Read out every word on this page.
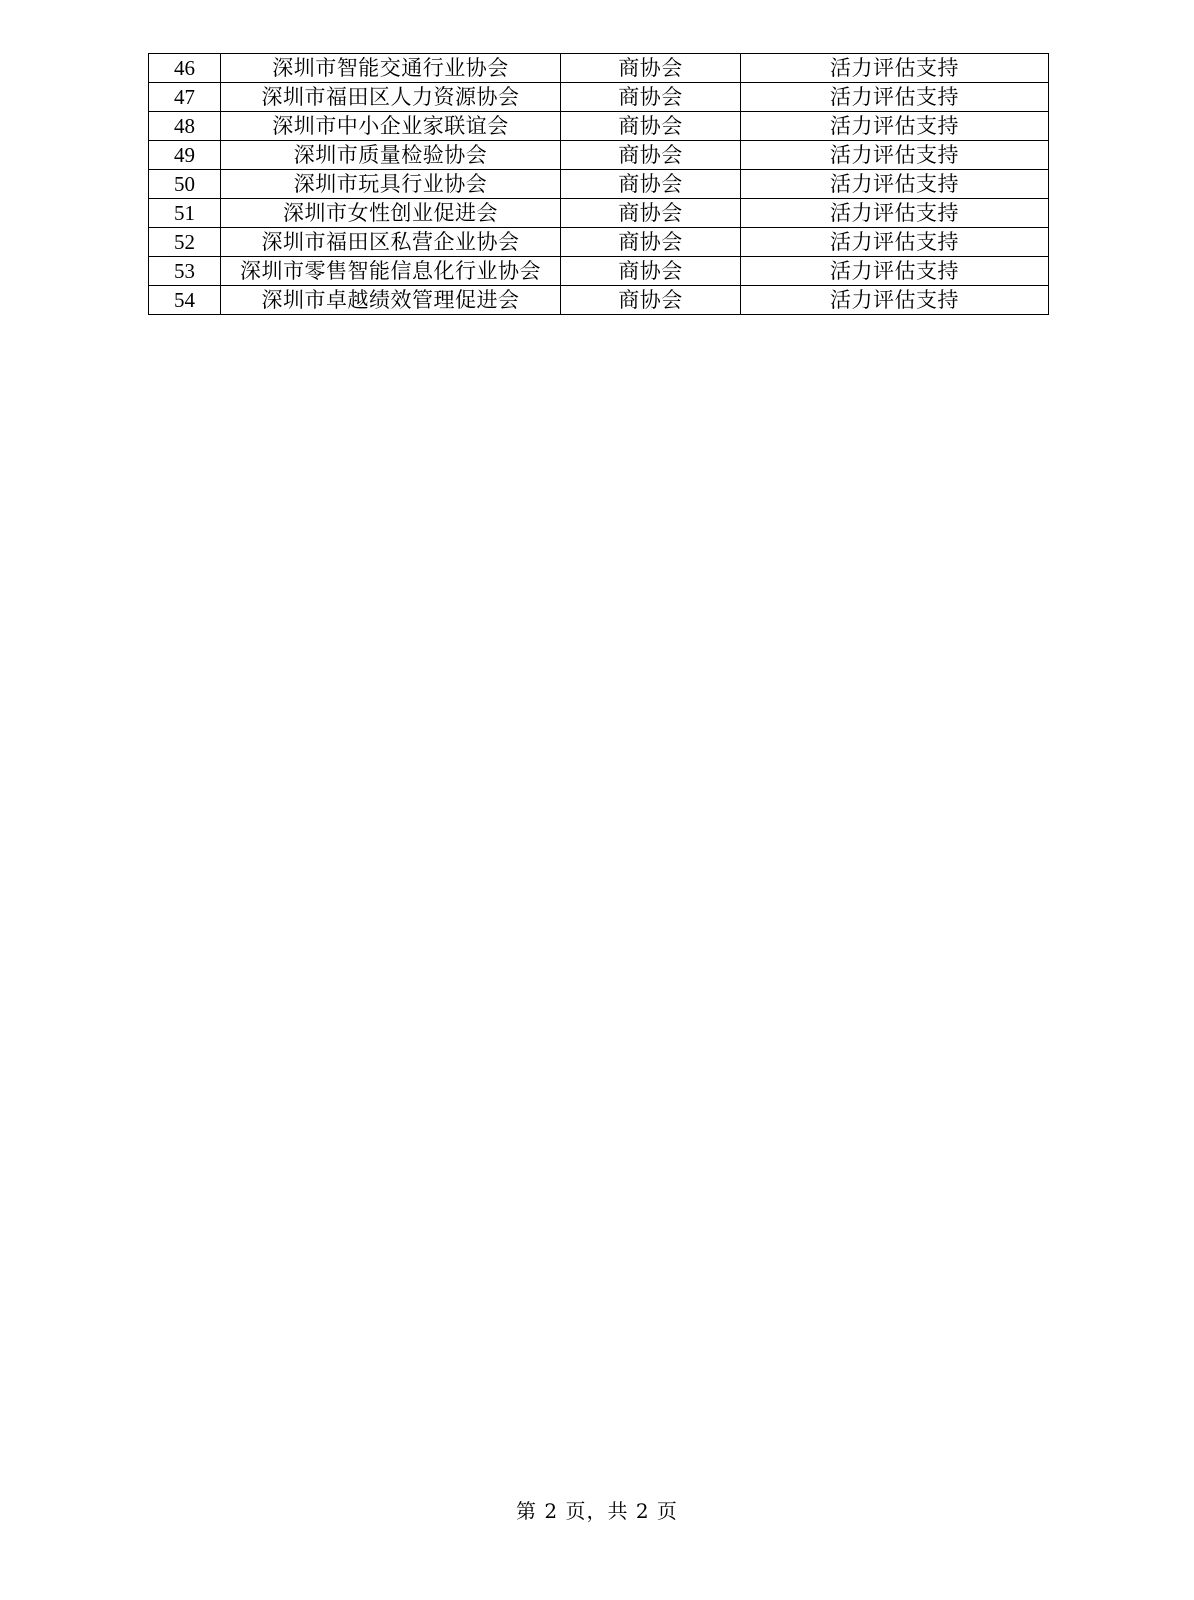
46	深圳市智能交通行业协会	商协会	活力评估支持
47	深圳市福田区人力资源协会	商协会	活力评估支持
48	深圳市中小企业家联谊会	商协会	活力评估支持
49	深圳市质量检验协会	商协会	活力评估支持
50	深圳市玩具行业协会	商协会	活力评估支持
51	深圳市女性创业促进会	商协会	活力评估支持
52	深圳市福田区私营企业协会	商协会	活力评估支持
53	深圳市零售智能信息化行业协会	商协会	活力评估支持
54	深圳市卓越绩效管理促进会	商协会	活力评估支持
第 2 页，共 2 页
